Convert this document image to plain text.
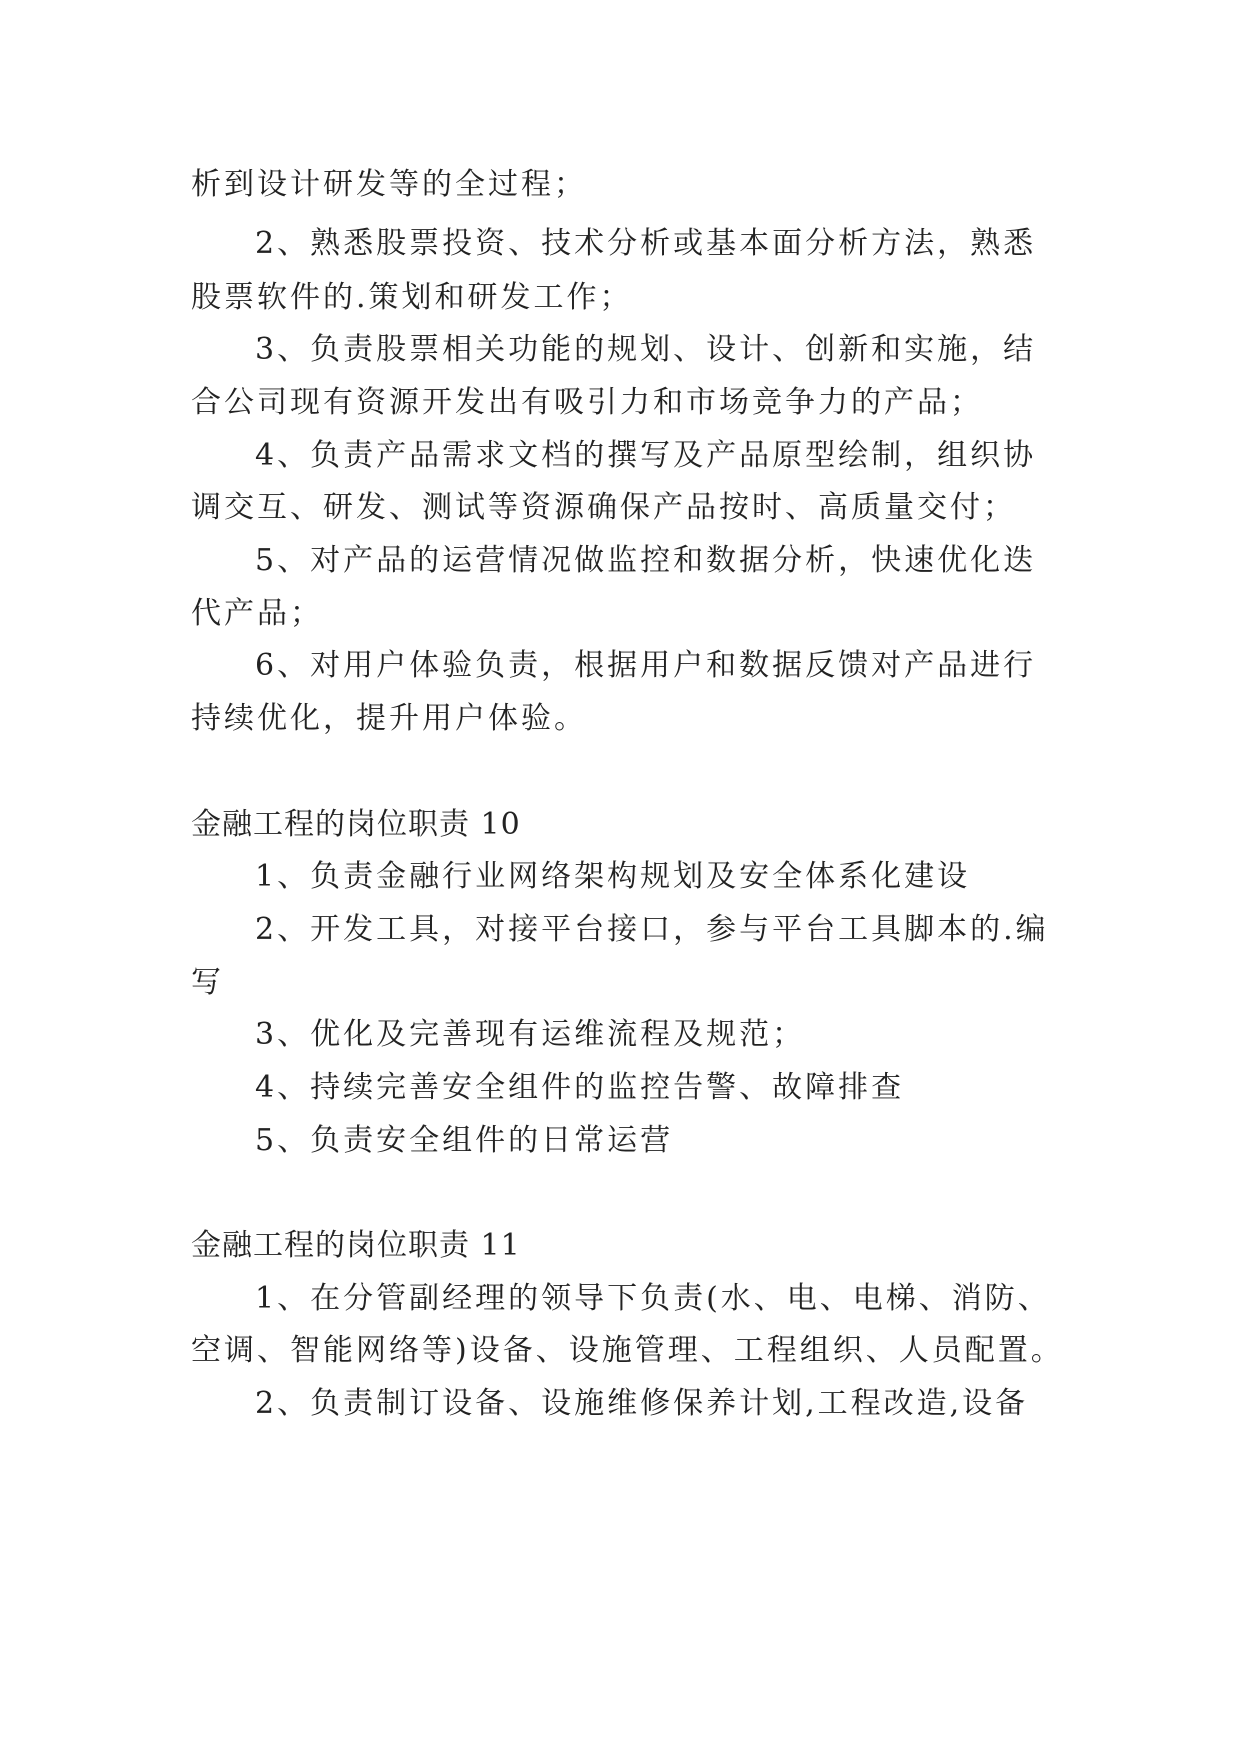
析到设计研发等的全过程；
2、熟悉股票投资、技术分析或基本面分析方法，熟悉
股票软件的.策划和研发工作；
3、负责股票相关功能的规划、设计、创新和实施，结
合公司现有资源开发出有吸引力和市场竞争力的产品；
4、负责产品需求文档的撰写及产品原型绘制，组织协
调交互、研发、测试等资源确保产品按时、高质量交付；
5、对产品的运营情况做监控和数据分析，快速优化迭
代产品；
6、对用户体验负责，根据用户和数据反馈对产品进行
持续优化，提升用户体验。
金融工程的岗位职责 10
1、负责金融行业网络架构规划及安全体系化建设
2、开发工具，对接平台接口，参与平台工具脚本的.编
写
3、优化及完善现有运维流程及规范；
4、持续完善安全组件的监控告警、故障排查
5、负责安全组件的日常运营
金融工程的岗位职责 11
1、在分管副经理的领导下负责(水、电、电梯、消防、
空调、智能网络等)设备、设施管理、工程组织、人员配置。
2、负责制订设备、设施维修保养计划,工程改造,设备
